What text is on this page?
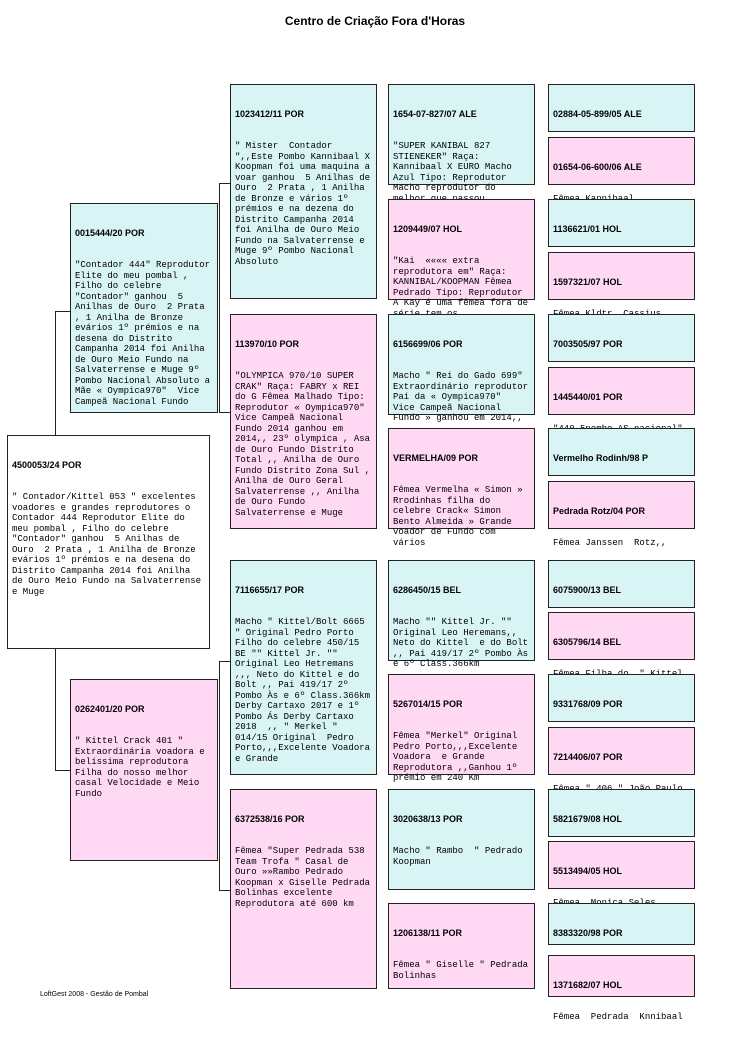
Centro de Criação Fora d'Horas
LoftGest 2008 - Gestão de Pombal

4500053/24 POR

" Contador/Kittel 053 " excelentes voadores e grandes reprodutores o Contador 444 Reprodutor Elite do meu pombal , Filho do celebre "Contador" ganhou  5 Anilhas de Ouro  2 Prata , 1 Anilha de Bronze evários 1º prémios e na desena do Distrito Campanha 2014 foi Anilha de Ouro Meio Fundo na Salvaterrense e Muge

0015444/20 POR

"Contador 444" Reprodutor Elite do meu pombal , Filho do celebre "Contador" ganhou  5 Anilhas de Ouro  2 Prata , 1 Anilha de Bronze evários 1º prémios e na desena do Distrito Campanha 2014 foi Anilha de Ouro Meio Fundo na Salvaterrense e Muge 9º Pombo Nacional Absoluto a Mãe « Oympica970"  Vice Campeã Nacional Fundo

0262401/20 POR

" Kittel Crack 401 " Extraordinária voadora e belíssima reprodutora Filha do nosso melhor casal Velocidade e Meio Fundo

1023412/11 POR

" Mister  Contador ",,Este Pombo Kannibaal X Koopman foi uma maquina a voar ganhou  5 Anilhas de Ouro  2 Prata , 1 Anilha de Bronze e vários 1º prémios e na dezena do Distrito Campanha 2014 foi Anilha de Ouro Meio Fundo na Salvaterrense e Muge 9º Pombo Nacional Absoluto

113970/10 POR

"OLYMPICA 970/10 SUPER CRAK" Raça: FABRY x REI do G Fêmea Malhado Tipo: Reprodutor « Oympica970"  Vice Campeã Nacional Fundo 2014 ganhou em 2014,, 23º olympica , Asa de Ouro Fundo Distrito Total ,, Anilha de Ouro Fundo Distrito Zona Sul , Anilha de Ouro Geral Salvaterrense ,, Anilha de Ouro Fundo Salvaterrense e Muge

7116655/17 POR

Macho " Kittel/Bolt 6665 " Original Pedro Porto Filho do celebre 450/15 BE "" Kittel Jr. "" Original Leo Hetremans ,,, Neto do Kittel e do  Bolt ,, Pai 419/17 2º Pombo Às e 6º Class.366km Derby Cartaxo 2017 e 1º Pombo Ás Derby Cartaxo 2018  ,, " Merkel " 014/15 Original  Pedro Porto,,,Excelente Voadora  e Grande

6372538/16 POR

Fêmea "Super Pedrada 538 Team Trofa " Casal de Ouro »»Rambo Pedrado Koopman x Giselle Pedrada Bolinhas excelente Reprodutora até 600 km

1654-07-827/07 ALE

"SUPER KANIBAL 827 STIENEKER" Raça: Kannibaal X EURO Macho Azul Tipo: Reprodutor Macho reprodutor do

1209449/07 HOL

"Kai  «««« extra reprodutora em" Raça: KANNIBAL/KOOPMAN Fêmea Pedrado Tipo: Reprodutor A Kay é uma fêmea fora de

6156699/06 POR

Macho " Rei do Gado 699" Extraordinário reprodutor Pai da « Oympica970"  Vice Campeã Nacional Fundo » ganhou em 2014,,

VERMELHA/09 POR

Fêmea Vermelha « Simon » Rrodinhas filha do celebre Crack« Simon Bento Almeida » Grande voador de Fundo com  vários

6286450/15 BEL

Macho "" Kittel Jr. "" Original Leo Heremans,, Neto do Kittel  e do Bolt ,, Pai 419/17 2º Pombo Às e 6º Class.366km

5267014/15 POR

Fêmea "Merkel" Original Pedro Porto,,,Excelente Voadora  e Grande Reprodutora ,,Ganhou 1º prémio em 240 Km

3020638/13 POR

Macho " Rambo  " Pedrado Koopman

1206138/11 POR

Fêmea " Giselle " Pedrada Bolinhas

02884-05-899/05 ALE

01654-06-600/06 ALE

1136621/01 HOL

1597321/07 HOL

7003505/97 POR

1445440/01 POR

Vermelho Rodinh/98 P

Pedrada Rotz/04 POR

Fêmea Janssen  Rotz,,

6075900/13 BEL

6305796/14 BEL

9331768/09 POR

7214406/07 POR

5821679/08 HOL

5513494/05 HOL

8383320/98 POR

1371682/07 HOL

Fêmea  Pedrada  Knnibaal
